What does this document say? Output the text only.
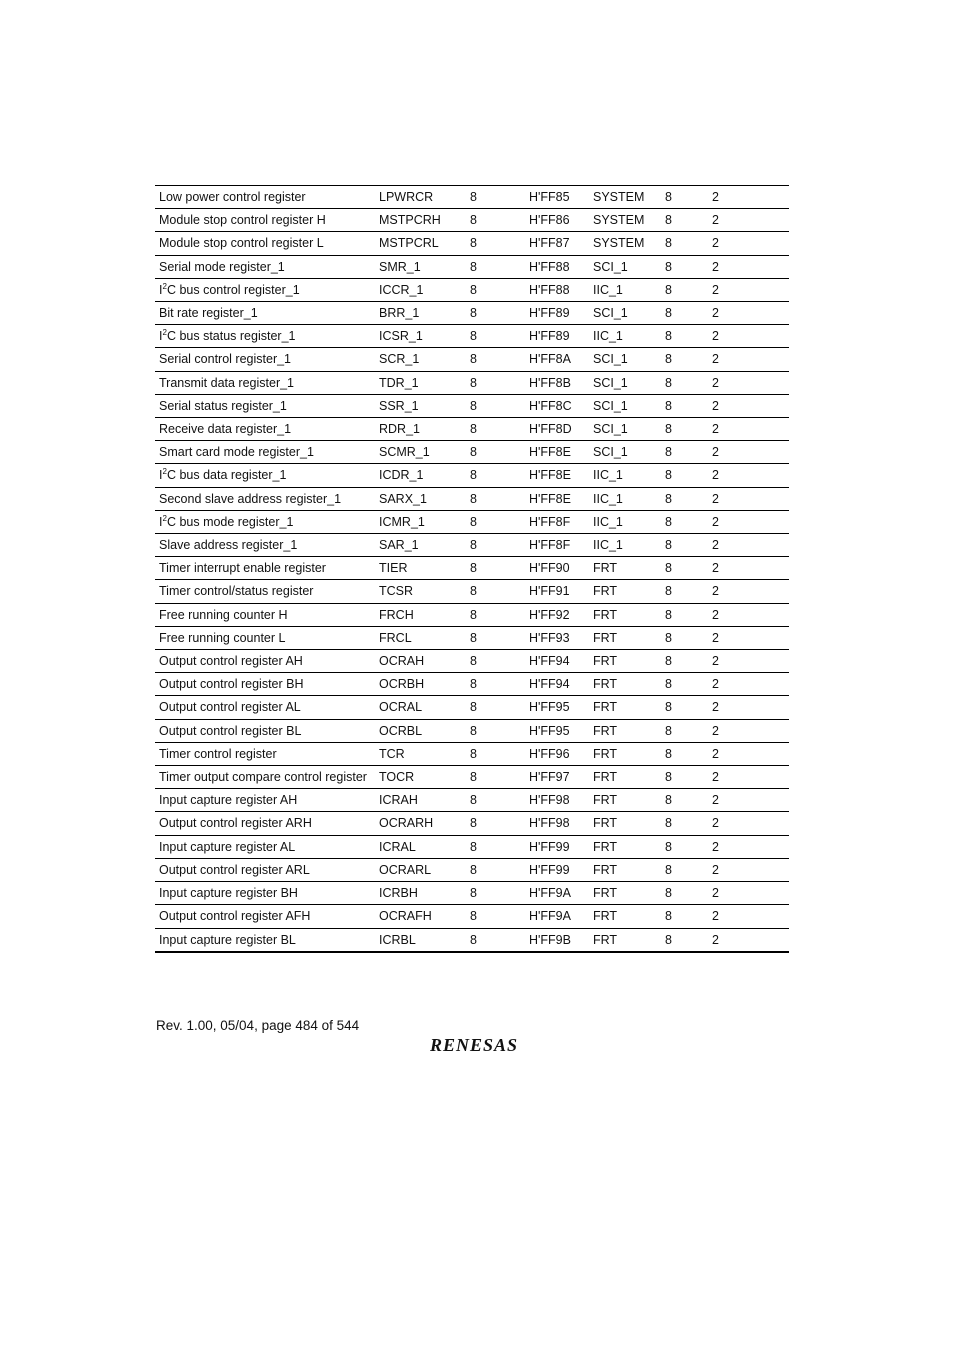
Low power control register	LPWRCR	8	H'FF85	SYSTEM	8	2
Module stop control register H	MSTPCRH	8	H'FF86	SYSTEM	8	2
Module stop control register L	MSTPCRL	8	H'FF87	SYSTEM	8	2
Serial mode register_1	SMR_1	8	H'FF88	SCI_1	8	2
$I^2C$ bus control register_1	ICCR_1	8	H'FF88	IIC_1	8	2
Bit rate register_1	BRR_1	8	H'FF89	SCI_1	8	2
$I^2C$ bus status register_1	ICSR_1	8	H'FF89	IIC_1	8	2
Serial control register_1	SCR_1	8	H'FF8A	SCI_1	8	2
Transmit data register_1	TDR_1	8	H'FF8B	SCI_1	8	2
Serial status register_1	SSR_1	8	H'FF8C	SCI_1	8	2
Receive data register_1	RDR_1	8	H'FF8D	SCI_1	8	2
Smart card mode register_1	SCMR_1	8	H'FF8E	SCI_1	8	2
$I^2C$ bus data register_1	ICDR_1	8	H'FF8E	IIC_1	8	2
Second slave address register_1	SARX_1	8	H'FF8E	IIC_1	8	2
$I^2C$ bus mode register_1	ICMR_1	8	H'FF8F	IIC_1	8	2
Slave address register_1	SAR_1	8	H'FF8F	IIC_1	8	2
Timer interrupt enable register	TIER	8	H'FF90	FRT	8	2
Timer control/status register	TCSR	8	H'FF91	FRT	8	2
Free running counter H	FRCH	8	H'FF92	FRT	8	2
Free running counter L	FRCL	8	H'FF93	FRT	8	2
Output control register AH	OCRAH	8	H'FF94	FRT	8	2
Output control register BH	OCRBH	8	H'FF94	FRT	8	2
Output control register AL	OCRAL	8	H'FF95	FRT	8	2
Output control register BL	OCRBL	8	H'FF95	FRT	8	2
Timer control register	TCR	8	H'FF96	FRT	8	2
Timer output compare control register	TOCR	8	H'FF97	FRT	8	2
Input capture register AH	ICRAH	8	H'FF98	FRT	8	2
Output control register ARH	OCRARH	8	H'FF98	FRT	8	2
Input capture register AL	ICRAL	8	H'FF99	FRT	8	2
Output control register ARL	OCRARL	8	H'FF99	FRT	8	2
Input capture register BH	ICRBH	8	H'FF9A	FRT	8	2
Output control register AFH	OCRAFH	8	H'FF9A	FRT	8	2
Input capture register BL	ICRBL	8	H'FF9B	FRT	8	2
Rev. 1.00, 05/04, page 484 of 544
RENESAS
